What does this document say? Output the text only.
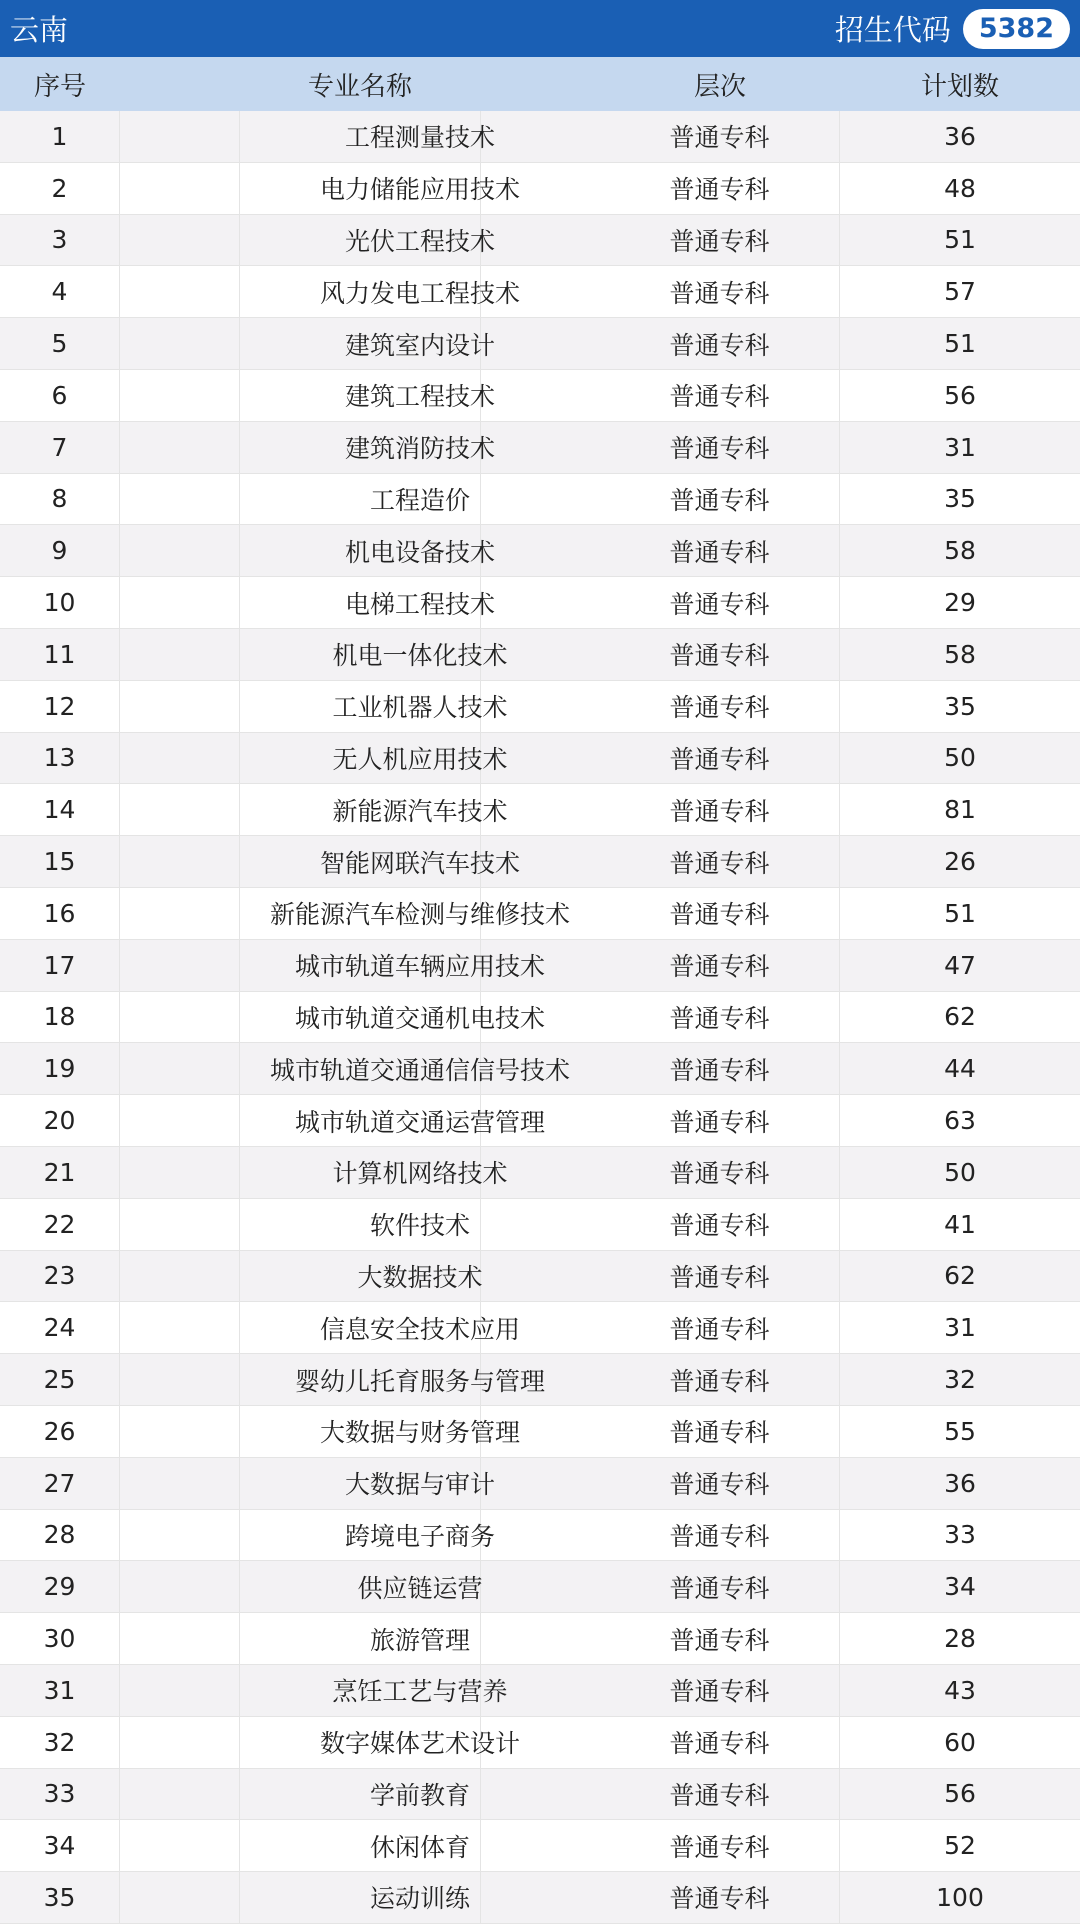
云南	招生代码	5382
序号	专业名称	层次	计划数
1	工程测量技术	普通专科	36
2	电力储能应用技术	普通专科	48
3	光伏工程技术	普通专科	51
4	风力发电工程技术	普通专科	57
5	建筑室内设计	普通专科	51
6	建筑工程技术	普通专科	56
7	建筑消防技术	普通专科	31
8	工程造价	普通专科	35
9	机电设备技术	普通专科	58
10	电梯工程技术	普通专科	29
11	机电一体化技术	普通专科	58
12	工业机器人技术	普通专科	35
13	无人机应用技术	普通专科	50
14	新能源汽车技术	普通专科	81
15	智能网联汽车技术	普通专科	26
16	新能源汽车检测与维修技术	普通专科	51
17	城市轨道车辆应用技术	普通专科	47
18	城市轨道交通机电技术	普通专科	62
19	城市轨道交通通信信号技术	普通专科	44
20	城市轨道交通运营管理	普通专科	63
21	计算机网络技术	普通专科	50
22	软件技术	普通专科	41
23	大数据技术	普通专科	62
24	信息安全技术应用	普通专科	31
25	婴幼儿托育服务与管理	普通专科	32
26	大数据与财务管理	普通专科	55
27	大数据与审计	普通专科	36
28	跨境电子商务	普通专科	33
29	供应链运营	普通专科	34
30	旅游管理	普通专科	28
31	烹饪工艺与营养	普通专科	43
32	数字媒体艺术设计	普通专科	60
33	学前教育	普通专科	56
34	休闲体育	普通专科	52
35	运动训练	普通专科	100
